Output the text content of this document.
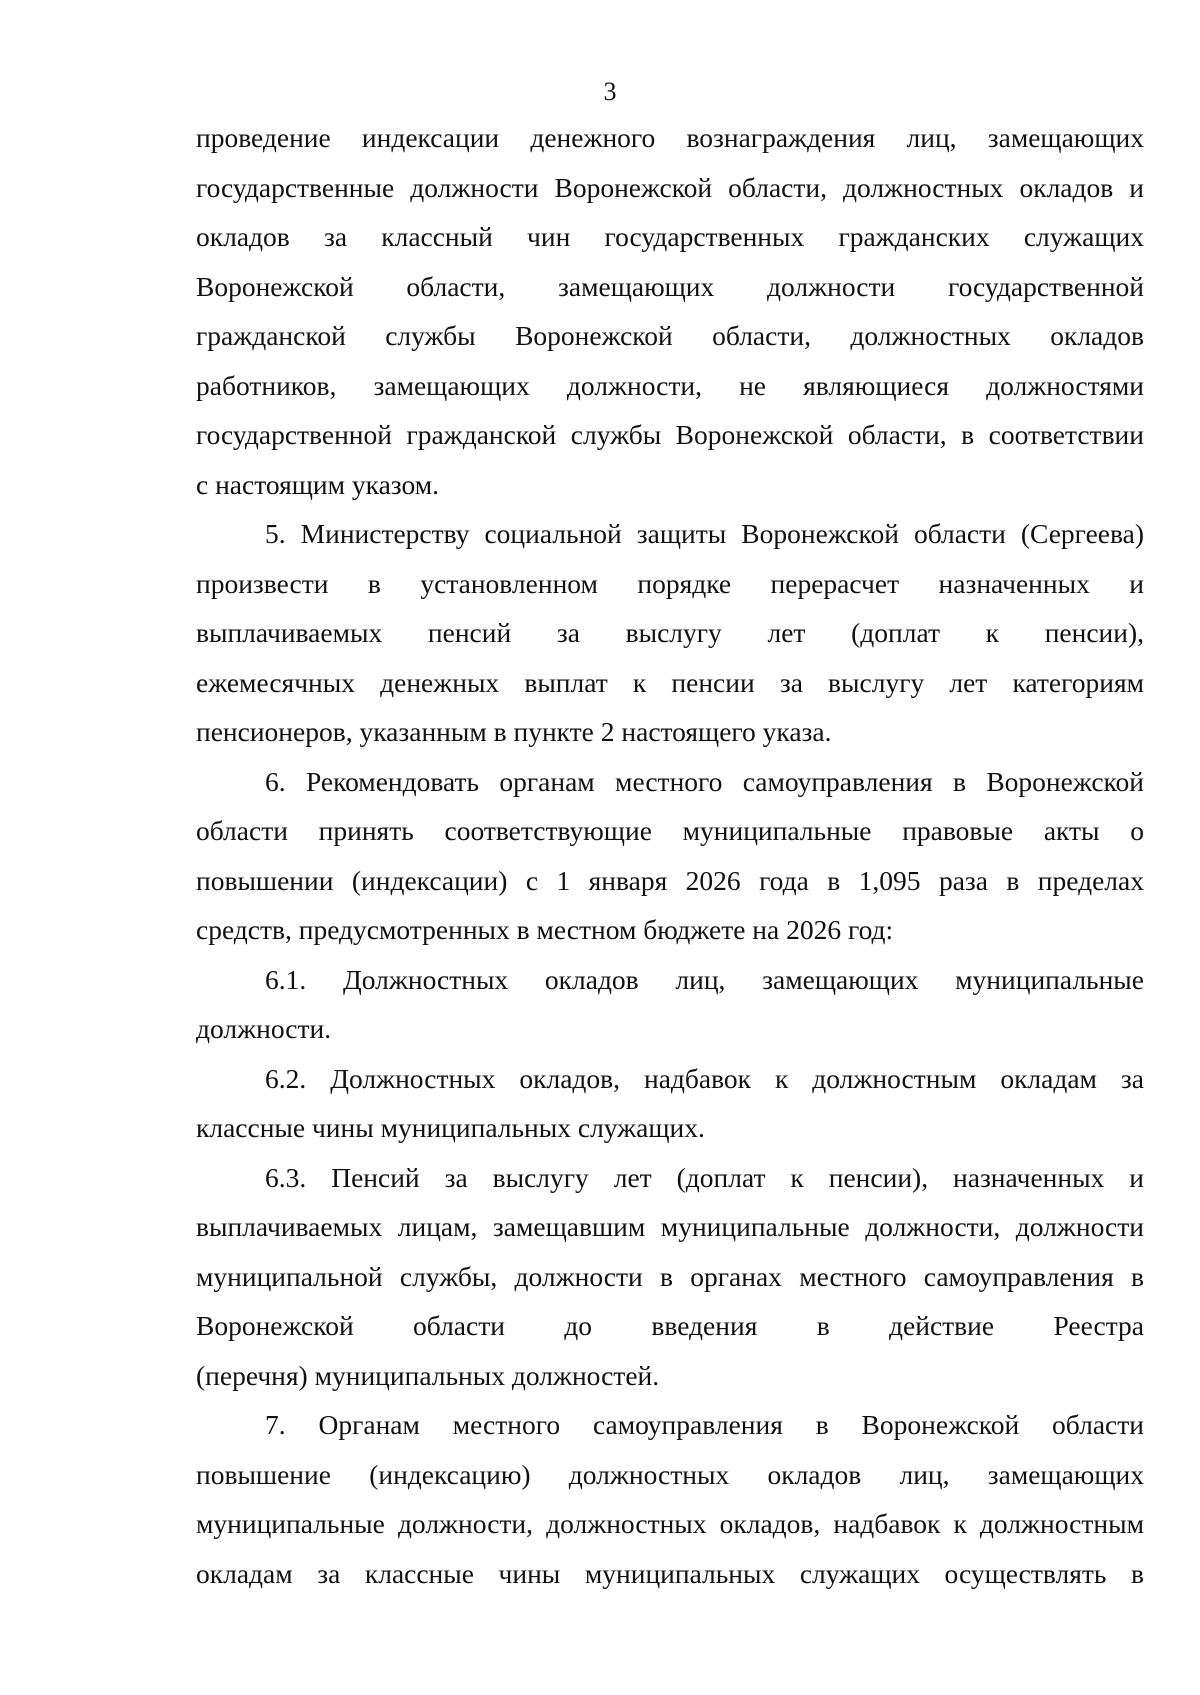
3
проведение индексации денежного вознаграждения лиц, замещающих
государственные должности Воронежской области, должностных окладов и
окладов за классный чин государственных гражданских служащих
Воронежской области, замещающих должности государственной
гражданской службы Воронежской области, должностных окладов
работников, замещающих должности, не являющиеся должностями
государственной гражданской службы Воронежской области, в соответствии
с настоящим указом.
5. Министерству социальной защиты Воронежской области (Сергеева)
произвести в установленном порядке перерасчет назначенных и
выплачиваемых пенсий за выслугу лет (доплат к пенсии),
ежемесячных денежных выплат к пенсии за выслугу лет категориям
пенсионеров, указанным в пункте 2 настоящего указа.
6. Рекомендовать органам местного самоуправления в Воронежской
области принять соответствующие муниципальные правовые акты о
повышении (индексации) с 1 января 2026 года в 1,095 раза в пределах
средств, предусмотренных в местном бюджете на 2026 год:
6.1. Должностных окладов лиц, замещающих муниципальные
должности.
6.2. Должностных окладов, надбавок к должностным окладам за
классные чины муниципальных служащих.
6.3. Пенсий за выслугу лет (доплат к пенсии), назначенных и
выплачиваемых лицам, замещавшим муниципальные должности, должности
муниципальной службы, должности в органах местного самоуправления в
Воронежской области до введения в действие Реестра
(перечня) муниципальных должностей.
7. Органам местного самоуправления в Воронежской области
повышение (индексацию) должностных окладов лиц, замещающих
муниципальные должности, должностных окладов, надбавок к должностным
окладам за классные чины муниципальных служащих осуществлять в
